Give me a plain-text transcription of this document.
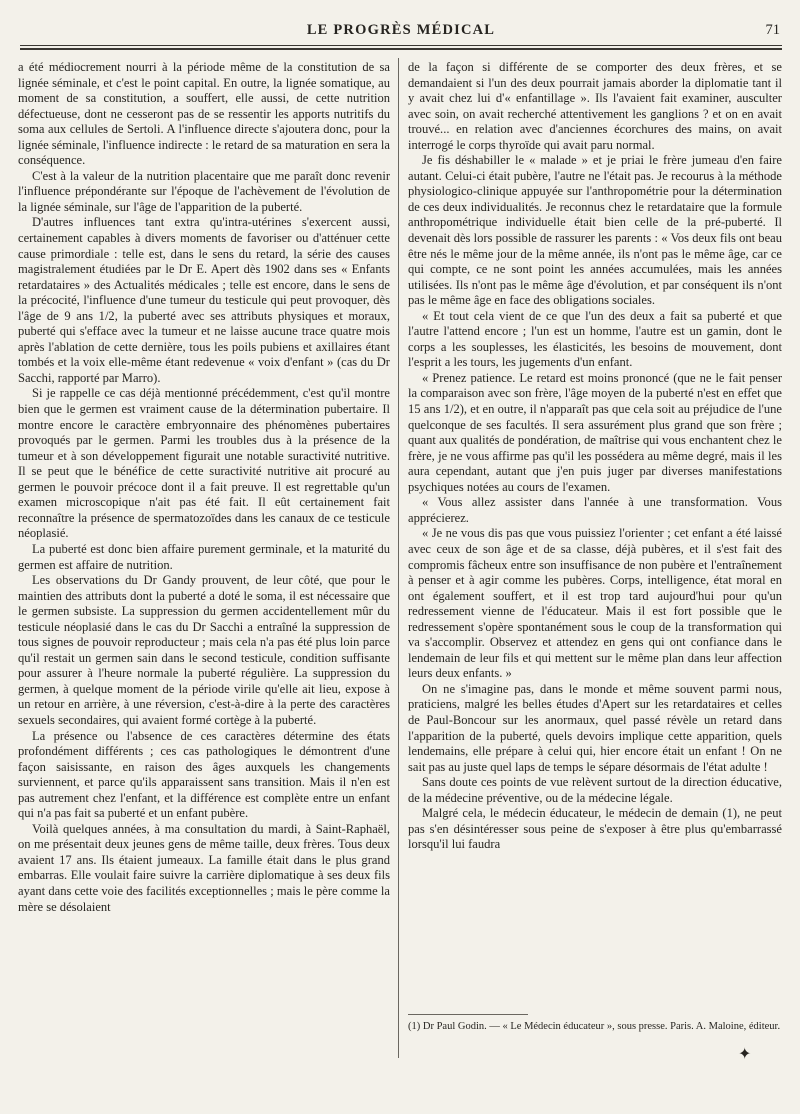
LE PROGRÈS MÉDICAL	71

a été médiocrement nourri à la période même de la constitution de sa lignée séminale, et c'est le point capital. En outre, la lignée somatique, au moment de sa constitution, a souffert, elle aussi, de cette nutrition défectueuse, dont ne cesseront pas de se ressentir les apports nutritifs du soma aux cellules de Sertoli. A l'influence directe s'ajoutera donc, pour la lignée séminale, l'influence indirecte : le retard de sa maturation en sera la conséquence.

C'est à la valeur de la nutrition placentaire que me paraît donc revenir l'influence prépondérante sur l'époque de l'achèvement de l'évolution de la lignée séminale, sur l'âge de l'apparition de la puberté.

D'autres influences tant extra qu'intra-utérines s'exercent aussi, certainement capables à divers moments de favoriser ou d'atténuer cette cause primordiale : telle est, dans le sens du retard, la série des causes magistralement étudiées par le Dr E. Apert dès 1902 dans ses « Enfants retardataires » des Actualités médicales ; telle est encore, dans le sens de la précocité, l'influence d'une tumeur du testicule qui peut provoquer, dès l'âge de 9 ans 1/2, la puberté avec ses attributs physiques et moraux, puberté qui s'efface avec la tumeur et ne laisse aucune trace quatre mois après l'ablation de cette dernière, tous les poils pubiens et axillaires étant tombés et la voix elle-même étant redevenue « voix d'enfant » (cas du Dr Sacchi, rapporté par Marro).

Si je rappelle ce cas déjà mentionné précédemment, c'est qu'il montre bien que le germen est vraiment cause de la détermination pubertaire. Il montre encore le caractère embryonnaire des phénomènes pubertaires provoqués par le germen. Parmi les troubles dus à la présence de la tumeur et à son développement figurait une notable suractivité nutritive. Il se peut que le bénéfice de cette suractivité nutritive ait procuré au germen le pouvoir précoce dont il a fait preuve. Il est regrettable qu'un examen microscopique n'ait pas été fait. Il eût certainement fait reconnaître la présence de spermatozoïdes dans les canaux de ce testicule néoplasié.

La puberté est donc bien affaire purement germinale, et la maturité du germen est affaire de nutrition.

Les observations du Dr Gandy prouvent, de leur côté, que pour le maintien des attributs dont la puberté a doté le soma, il est nécessaire que le germen subsiste. La suppression du germen accidentellement mûr du testicule néoplasié dans le cas du Dr Sacchi a entraîné la suppression de tous signes de pouvoir reproducteur ; mais cela n'a pas été plus loin parce qu'il restait un germen sain dans le second testicule, condition suffisante pour assurer à l'heure normale la puberté régulière. La suppression du germen, à quelque moment de la période virile qu'elle ait lieu, expose à un retour en arrière, à une réversion, c'est-à-dire à la perte des caractères sexuels secondaires, qui avaient formé cortège à la puberté.

La présence ou l'absence de ces caractères détermine des états profondément différents ; ces cas pathologiques le démontrent d'une façon saisissante, en raison des âges auxquels les changements surviennent, et parce qu'ils apparaissent sans transition. Mais il n'en est pas autrement chez l'enfant, et la différence est complète entre un enfant qui n'a pas fait sa puberté et un enfant pubère.

Voilà quelques années, à ma consultation du mardi, à Saint-Raphaël, on me présentait deux jeunes gens de même taille, deux frères. Tous deux avaient 17 ans. Ils étaient jumeaux. La famille était dans le plus grand embarras. Elle voulait faire suivre la carrière diplomatique à ses deux fils ayant dans cette voie des facilités exceptionnelles ; mais le père comme la mère se désolaient

de la façon si différente de se comporter des deux frères, et se demandaient si l'un des deux pourrait jamais aborder la diplomatie tant il y avait chez lui d'« enfantillage ». Ils l'avaient fait examiner, ausculter avec soin, on avait recherché attentivement les ganglions ? et on en avait trouvé... en relation avec d'anciennes écorchures des mains, on avait interrogé le corps thyroïde qui avait paru normal.

Je fis déshabiller le « malade » et je priai le frère jumeau d'en faire autant. Celui-ci était pubère, l'autre ne l'était pas. Je recourus à la méthode physiologico-clinique appuyée sur l'anthropométrie pour la détermination de ces deux individualités. Je reconnus chez le retardataire que la formule anthropométrique individuelle était bien celle de la pré-puberté. Il devenait dès lors possible de rassurer les parents : « Vos deux fils ont beau être nés le même jour de la même année, ils n'ont pas le même âge, car ce qui compte, ce ne sont point les années accumulées, mais les années utilisées. Ils n'ont pas le même âge d'évolution, et par conséquent ils n'ont pas le même âge en face des obligations sociales.

« Et tout cela vient de ce que l'un des deux a fait sa puberté et que l'autre l'attend encore ; l'un est un homme, l'autre est un gamin, dont le corps a les souplesses, les élasticités, les besoins de mouvement, dont l'esprit a les tours, les jugements d'un enfant.

« Prenez patience. Le retard est moins prononcé (que ne le fait penser la comparaison avec son frère, l'âge moyen de la puberté n'est en effet que 15 ans 1/2), et en outre, il n'apparaît pas que cela soit au préjudice de l'une quelconque de ses facultés. Il sera assurément plus grand que son frère ; quant aux qualités de pondération, de maîtrise qui vous enchantent chez le frère, je ne vous affirme pas qu'il les possédera au même degré, mais il les aura cependant, autant que j'en puis juger par diverses manifestations psychiques notées au cours de l'examen.

« Vous allez assister dans l'année à une transformation. Vous apprécierez.

« Je ne vous dis pas que vous puissiez l'orienter ; cet enfant a été laissé avec ceux de son âge et de sa classe, déjà pubères, et il s'est fait des compromis fâcheux entre son insuffisance de non pubère et l'entraînement à penser et à agir comme les pubères. Corps, intelligence, état moral en ont également souffert, et il est trop tard aujourd'hui pour qu'un redressement vienne de l'éducateur. Mais il est fort possible que le redressement s'opère spontanément sous le coup de la transformation qui va s'accomplir. Observez et attendez en gens qui ont confiance dans le lendemain de leur fils et qui mettent sur le même plan dans leur affection leurs deux enfants. »

On ne s'imagine pas, dans le monde et même souvent parmi nous, praticiens, malgré les belles études d'Apert sur les retardataires et celles de Paul-Boncour sur les anormaux, quel passé révèle un retard dans l'apparition de la puberté, quels devoirs implique cette apparition, quels lendemains, elle prépare à celui qui, hier encore était un enfant ! On ne sait pas au juste quel laps de temps le sépare désormais de l'état adulte !

Sans doute ces points de vue relèvent surtout de la direction éducative, de la médecine préventive, ou de la médecine légale.

Malgré cela, le médecin éducateur, le médecin de demain (1), ne peut pas s'en désintéresser sous peine de s'exposer à être plus qu'embarrassé lorsqu'il lui faudra

(1) Dr Paul Godin. — « Le Médecin éducateur », sous presse. Paris. A. Maloine, éditeur.
✦
